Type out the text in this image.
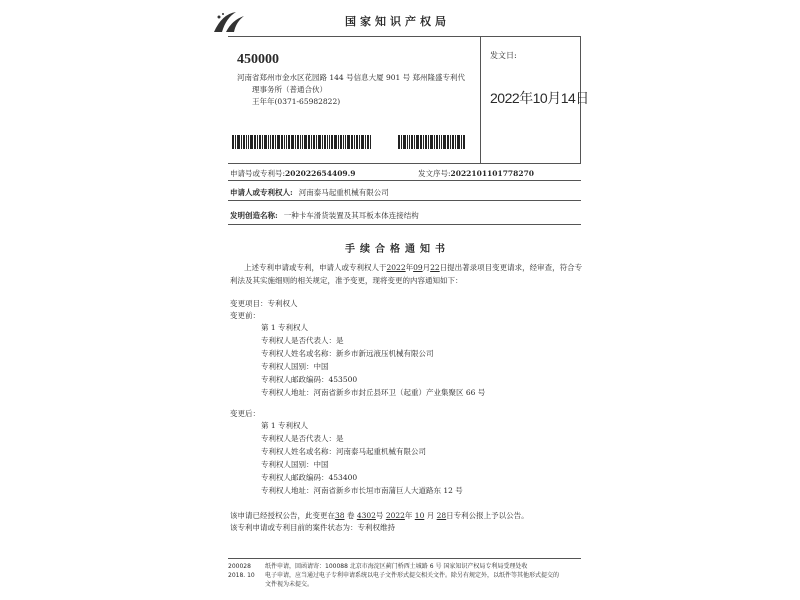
国家知识产权局
450000
河南省郑州市金水区花园路 144 号信息大厦 901 号 郑州隆盛专利代
理事务所（普通合伙）
王年年(0371-65982822)
发文日:
2022年10月14日
申请号或专利号:202022654409.9	发文序号:2022101101778270
申请人或专利权人: 河南泰马起重机械有限公司
发明创造名称: 一种卡车滑货装置及其耳板本体连接结构
手续合格通知书
上述专利申请或专利，申请人或专利权人于2022年09月22日提出著录项目变更请求，经审查，符合专
利法及其实施细则的相关规定，准予变更，现将变更的内容通知如下：
变更项目：专利权人
变更前：
第 1 专利权人
专利权人是否代表人：是
专利权人姓名或名称：新乡市新远液压机械有限公司
专利权人国别：中国
专利权人邮政编码：453500
专利权人地址：河南省新乡市封丘县环卫（起重）产业集聚区 66 号
变更后：
第 1 专利权人
专利权人是否代表人：是
专利权人姓名或名称：河南泰马起重机械有限公司
专利权人国别：中国
专利权人邮政编码：453400
专利权人地址：河南省新乡市长垣市南蒲巨人大道路东 12 号
该申请已经授权公告，此变更在38 卷 4302号 2022年 10 月 28日专利公报上予以公告。
该专利申请或专利目前的案件状态为：专利权维持
200028
2018. 10
纸件申请，回函请寄：100088 北京市海淀区蓟门桥西土城路 6 号 国家知识产权局专利局受理处收
电子申请，应当通过电子专利申请系统以电子文件形式提交相关文件。除另有规定外，以纸件等其他形式提交的
文件视为未提交。
